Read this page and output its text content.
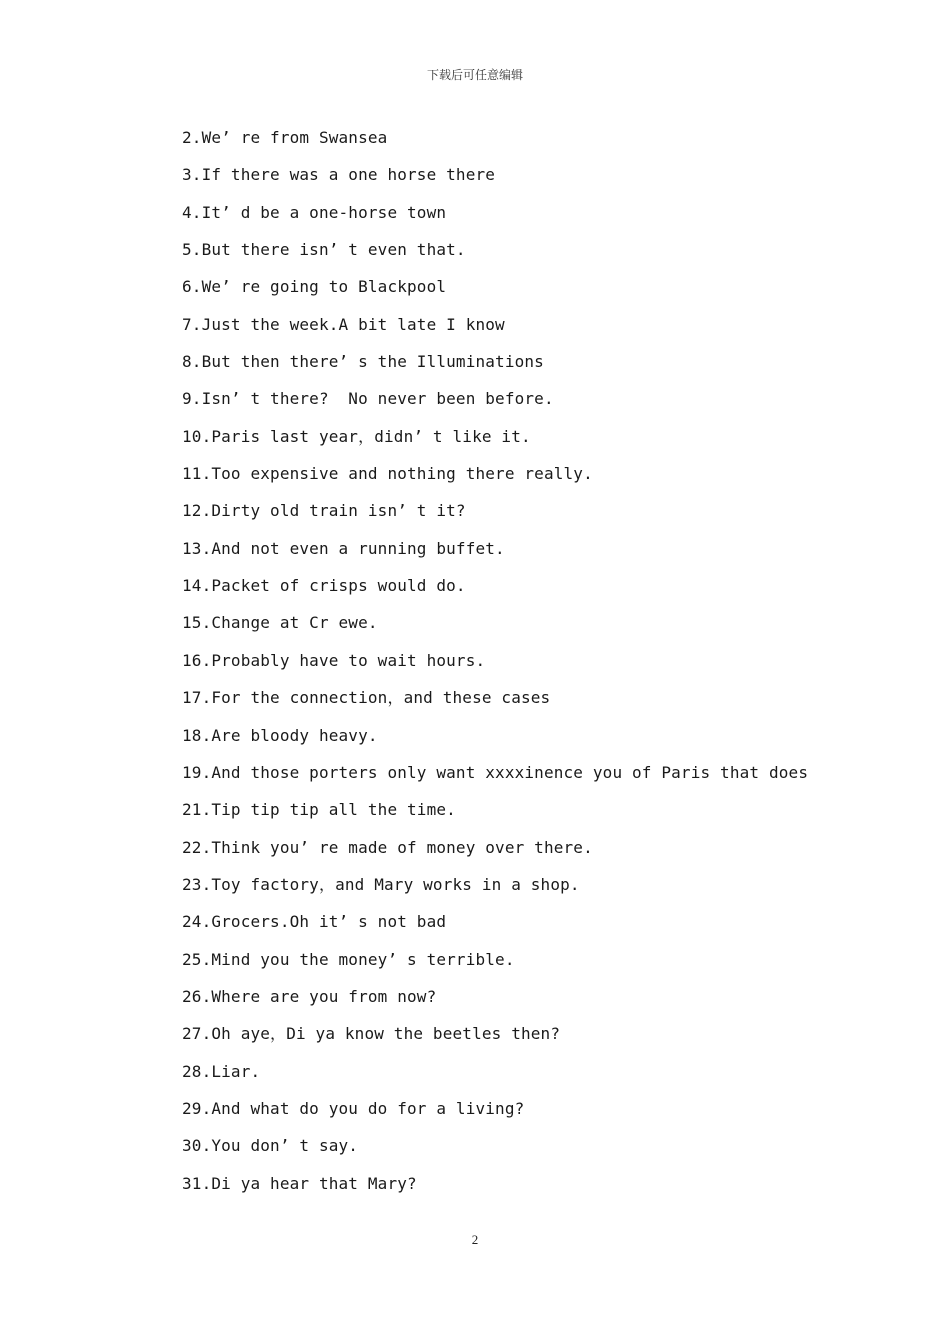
下载后可任意编辑
2.We’ re from Swansea
3.If there was a one horse there
4.It’ d be a one-horse town
5.But there isn’ t even that.
6.We’ re going to Blackpool
7.Just the week.A bit late I know
8.But then there’ s the Illuminations
9.Isn’ t there?  No never been before.
10.Paris last year，didn’ t like it.
11.Too expensive and nothing there really.
12.Dirty old train isn’ t it?
13.And not even a running buffet.
14.Packet of crisps would do.
15.Change at Cr ewe.
16.Probably have to wait hours.
17.For the connection，and these cases
18.Are bloody heavy.
19.And those porters only want xxxxinence you of Paris that does
21.Tip tip tip all the time.
22.Think you’ re made of money over there.
23.Toy factory，and Mary works in a shop.
24.Grocers.Oh it’ s not bad
25.Mind you the money’ s terrible.
26.Where are you from now?
27.Oh aye，Di ya know the beetles then?
28.Liar.
29.And what do you do for a living?
30.You don’ t say.
31.Di ya hear that Mary?
2
